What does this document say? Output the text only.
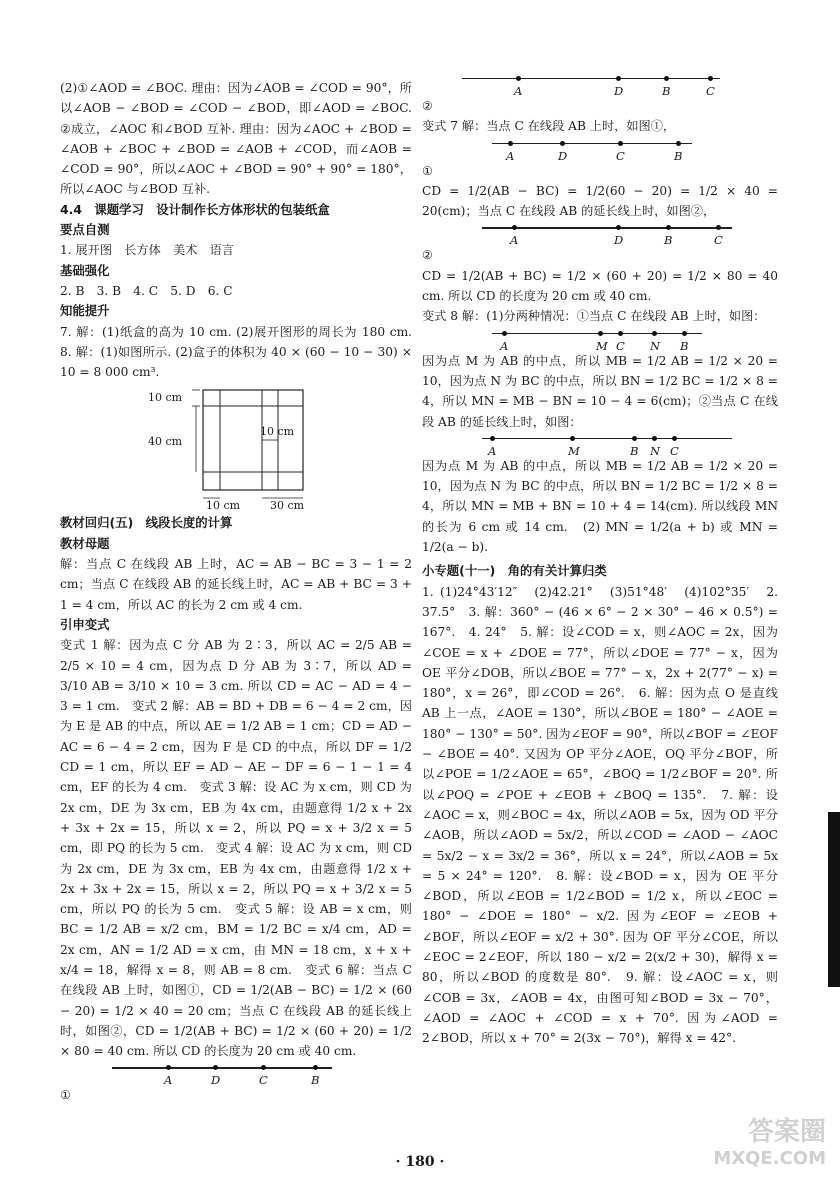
(2)①∠AOD = ∠BOC. 理由：因为∠AOB = ∠COD = 90°，所以∠AOB − ∠BOD = ∠COD − ∠BOD，即∠AOD = ∠BOC. ②成立，∠AOC 和∠BOD 互补. 理由：因为∠AOC + ∠BOD = ∠AOB + ∠BOC + ∠BOD = ∠AOB + ∠COD，而∠AOB = ∠COD = 90°，所以∠AOC + ∠BOD = 90° + 90° = 180°，所以∠AOC 与∠BOD 互补.

4.4　课题学习　设计制作长方体形状的包装纸盒

要点自测

1. 展开图　长方体　美术　语言

基础强化

2. B　3. B　4. C　5. D　6. C

知能提升

7. 解：(1)纸盒的高为 10 cm. (2)展开图形的周长为 180 cm.　8. 解：(1)如图所示. (2)盒子的体积为 40 × (60 − 10 − 30) × 10 = 8 000 cm³.

10 cm
40 cm
10 cm
10 cm	30 cm

教材回归(五)　线段长度的计算

教材母题

解：当点 C 在线段 AB 上时，AC = AB − BC = 3 − 1 = 2 cm；当点 C 在线段 AB 的延长线上时，AC = AB + BC = 3 + 1 = 4 cm，所以 AC 的长为 2 cm 或 4 cm.

引申变式

变式 1 解：因为点 C 分 AB 为 2∶3，所以 AC = 2/5 AB = 2/5 × 10 = 4 cm，因为点 D 分 AB 为 3∶7，所以 AD = 3/10 AB = 3/10 × 10 = 3 cm. 所以 CD = AC − AD = 4 − 3 = 1 cm.　变式 2 解：AB = BD + DB = 6 − 4 = 2 cm，因为 E 是 AB 的中点，所以 AE = 1/2 AB = 1 cm；CD = AD − AC = 6 − 4 = 2 cm，因为 F 是 CD 的中点，所以 DF = 1/2 CD = 1 cm，所以 EF = AD − AE − DF = 6 − 1 − 1 = 4 cm，EF 的长为 4 cm.　变式 3 解：设 AC 为 x cm，则 CD 为 2x cm，DE 为 3x cm，EB 为 4x cm，由题意得 1/2 x + 2x + 3x + 2x = 15，所以 x = 2，所以 PQ = x + 3/2 x = 5 cm，即 PQ 的长为 5 cm.　变式 4 解：设 AC 为 x cm，则 CD 为 2x cm，DE 为 3x cm，EB 为 4x cm，由题意得 1/2 x + 2x + 3x + 2x = 15，所以 x = 2，所以 PQ = x + 3/2 x = 5 cm，所以 PQ 的长为 5 cm.　变式 5 解：设 AB = x cm，则 BC = 1/2 AB = x/2 cm，BM = 1/2 BC = x/4 cm，AD = 2x cm，AN = 1/2 AD = x cm，由 MN = 18 cm，x + x + x/4 = 18，解得 x = 8，则 AB = 8 cm.　变式 6 解：当点 C 在线段 AB 上时，如图①，CD = 1/2(AB − BC) = 1/2 × (60 − 20) = 1/2 × 40 = 20 cm；当点 C 在线段 AB 的延长线上时，如图②，CD = 1/2(AB + BC) = 1/2 × (60 + 20) = 1/2 × 80 = 40 cm. 所以 CD 的长度为 20 cm 或 40 cm.

A	D	C	B

①

A	D	B	C

②

变式 7 解：当点 C 在线段 AB 上时，如图①，

A	D	C	B

①

CD = 1/2(AB − BC) = 1/2(60 − 20) = 1/2 × 40 = 20(cm)；当点 C 在线段 AB 的延长线上时，如图②，

A	D	B	C

②

CD = 1/2(AB + BC) = 1/2 × (60 + 20) = 1/2 × 80 = 40 cm. 所以 CD 的长度为 20 cm 或 40 cm.

变式 8 解：(1)分两种情况：①当点 C 在线段 AB 上时，如图：

A	M C N B

因为点 M 为 AB 的中点，所以 MB = 1/2 AB = 1/2 × 20 = 10，因为点 N 为 BC 的中点，所以 BN = 1/2 BC = 1/2 × 8 = 4，所以 MN = MB − BN = 10 − 4 = 6(cm)；②当点 C 在线段 AB 的延长线上时，如图：

A	M	B N C

因为点 M 为 AB 的中点，所以 MB = 1/2 AB = 1/2 × 20 = 10，因为点 N 为 BC 的中点，所以 BN = 1/2 BC = 1/2 × 8 = 4，所以 MN = MB + BN = 10 + 4 = 14(cm). 所以线段 MN 的长为 6 cm 或 14 cm.　(2) MN = 1/2(a + b) 或 MN = 1/2(a − b).

小专题(十一)　角的有关计算归类

1. (1)24°43′12″　(2)42.21°　(3)51°48′　(4)102°35′　2. 37.5°　3. 解：360° − (46 × 6° − 2 × 30° − 46 × 0.5°) = 167°.　4. 24°　5. 解：设∠COD = x，则∠AOC = 2x，因为∠COE = x + ∠DOE = 77°，所以∠DOE = 77° − x，因为 OE 平分∠DOB，所以∠BOE = 77° − x，2x + 2(77° − x) = 180°，x = 26°，即∠COD = 26°.　6. 解：因为点 O 是直线 AB 上一点，∠AOE = 130°，所以∠BOE = 180° − ∠AOE = 180° − 130° = 50°. 因为∠EOF = 90°，所以∠BOF = ∠EOF − ∠BOE = 40°. 又因为 OP 平分∠AOE，OQ 平分∠BOF，所以∠POE = 1/2∠AOE = 65°，∠BOQ = 1/2∠BOF = 20°. 所以∠POQ = ∠POE + ∠EOB + ∠BOQ = 135°.　7. 解：设∠AOC = x，则∠BOC = 4x，所以∠AOB = 5x，因为 OD 平分∠AOB，所以∠AOD = 5x/2，所以∠COD = ∠AOD − ∠AOC = 5x/2 − x = 3x/2 = 36°，所以 x = 24°，所以∠AOB = 5x = 5 × 24° = 120°.　8. 解：设∠BOD = x，因为 OE 平分∠BOD，所以∠EOB = 1/2∠BOD = 1/2 x，所以∠EOC = 180° − ∠DOE = 180° − x/2. 因为∠EOF = ∠EOB + ∠BOF，所以∠EOF = x/2 + 30°. 因为 OF 平分∠COE，所以∠EOC = 2∠EOF，所以 180 − x/2 = 2(x/2 + 30)，解得 x = 80，所以∠BOD 的度数是 80°.　9. 解：设∠AOC = x，则∠COB = 3x，∠AOB = 4x，由图可知∠BOD = 3x − 70°，∠AOD = ∠AOC + ∠COD = x + 70°. 因为∠AOD = 2∠BOD，所以 x + 70° = 2(3x − 70°)，解得 x = 42°.

· 180 ·
答案圈
MXQE.COM
